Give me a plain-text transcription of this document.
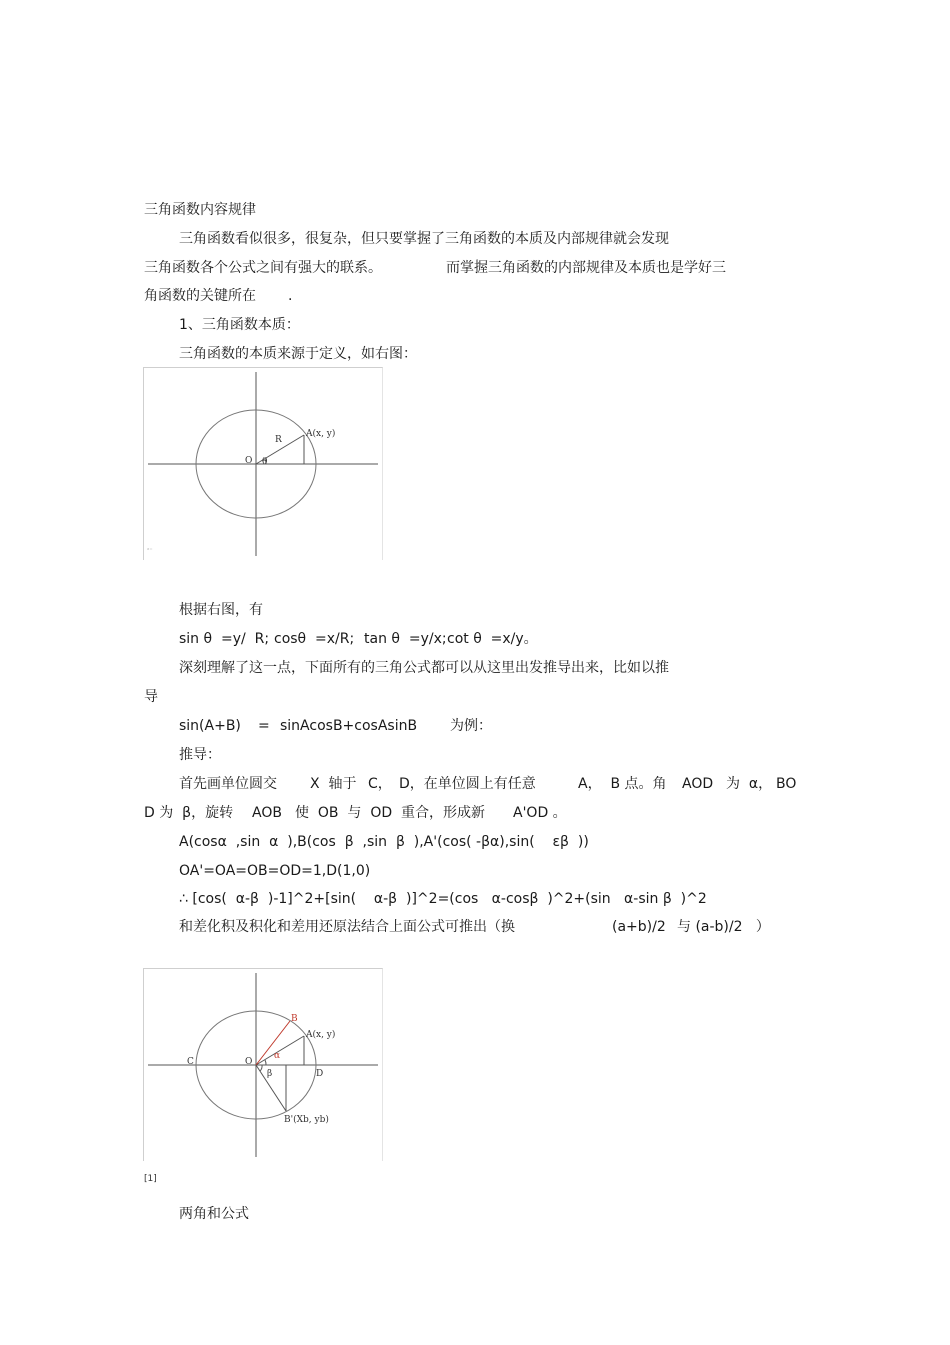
三角函数内容规律
三角函数看似很多，很复杂，但只要掌握了三角函数的本质及内部规律就会发现
三角函数各个公式之间有强大的联系。	而掌握三角函数的内部规律及本质也是学好三
角函数的关键所在 .
1、三角函数本质：
三角函数的本质来源于定义，如右图：
A(x, y)
R
O θ
ᵃ⁼
根据右图，有
sin θ  =y/  R; cosθ  =x/R; tan θ  =y/x; cot θ  =x/y。
深刻理解了这一点，下面所有的三角公式都可以从这里出发推导出来，比如以推
导
sin(A+B) = sinAcosB+cosAsinB 为例：
推导：
首先画单位圆交 X  轴于 C， D，在单位圆上有任意	A，  B 点。角 AOD 为  α， BO
D 为  β，旋转 AOB 使  OB  与  OD  重合，形成新 A'OD 。
A(cosα  ,sin  α  ),B(cos  β  ,sin  β  ),A'(cos( -βα),sin(    εβ  ))
OA'=OA=OB=OD=1,D(1,0)
∴ [cos(  α-β  )-1]^2+[sin(    α-β  )]^2=(cos   α-cosβ  )^2+(sin   α-sin β  )^2
和差化积及积化和差用还原法结合上面公式可推出（换	(a+b)/2 与 (a-b)/2   ）
B
A(x, y)
C	O
α
β	D
B'(Xb, yb)
[1]
两角和公式
